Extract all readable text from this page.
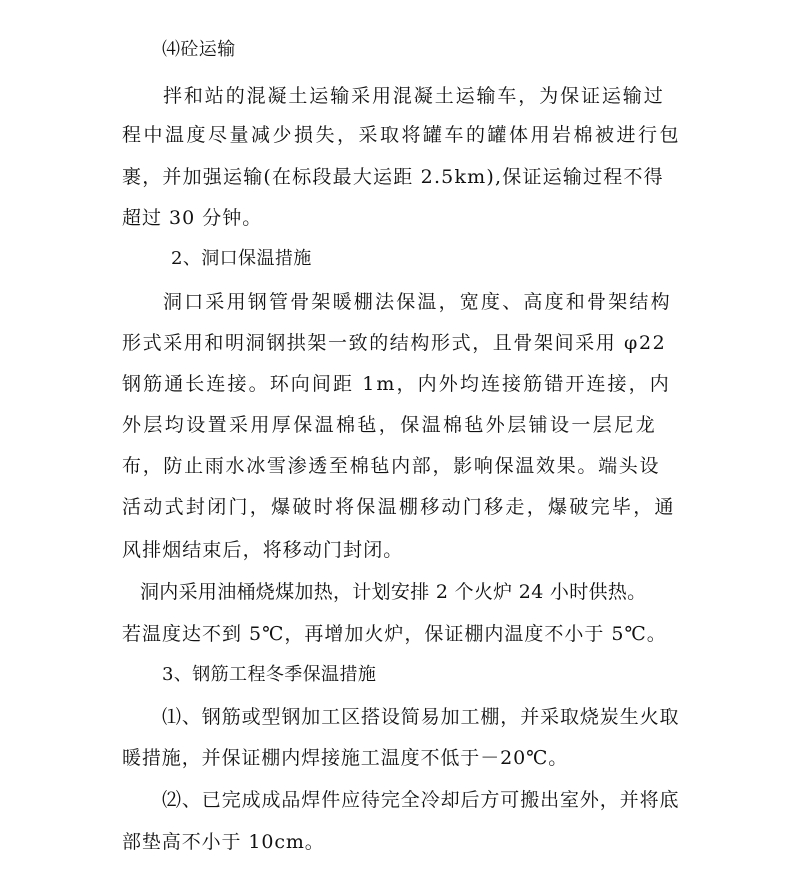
⑷砼运输
拌和站的混凝土运输采用混凝土运输车，为保证运输过
程中温度尽量减少损失，采取将罐车的罐体用岩棉被进行包
裹，并加强运输(在标段最大运距 2.5km),保证运输过程不得
超过 30 分钟。
2、洞口保温措施
洞口采用钢管骨架暖棚法保温，宽度、高度和骨架结构
形式采用和明洞钢拱架一致的结构形式，且骨架间采用 φ22
钢筋通长连接。环向间距 1m，内外均连接筋错开连接，内
外层均设置采用厚保温棉毡，保温棉毡外层铺设一层尼龙
布，防止雨水冰雪渗透至棉毡内部，影响保温效果。端头设
活动式封闭门，爆破时将保温棚移动门移走，爆破完毕，通
风排烟结束后，将移动门封闭。
洞内采用油桶烧煤加热，计划安排 2 个火炉 24 小时供热。
若温度达不到 5℃，再增加火炉，保证棚内温度不小于 5℃。
3、钢筋工程冬季保温措施
⑴、钢筋或型钢加工区搭设简易加工棚，并采取烧炭生火取
暖措施，并保证棚内焊接施工温度不低于－20℃。
⑵、已完成成品焊件应待完全冷却后方可搬出室外，并将底
部垫高不小于 10cm。
